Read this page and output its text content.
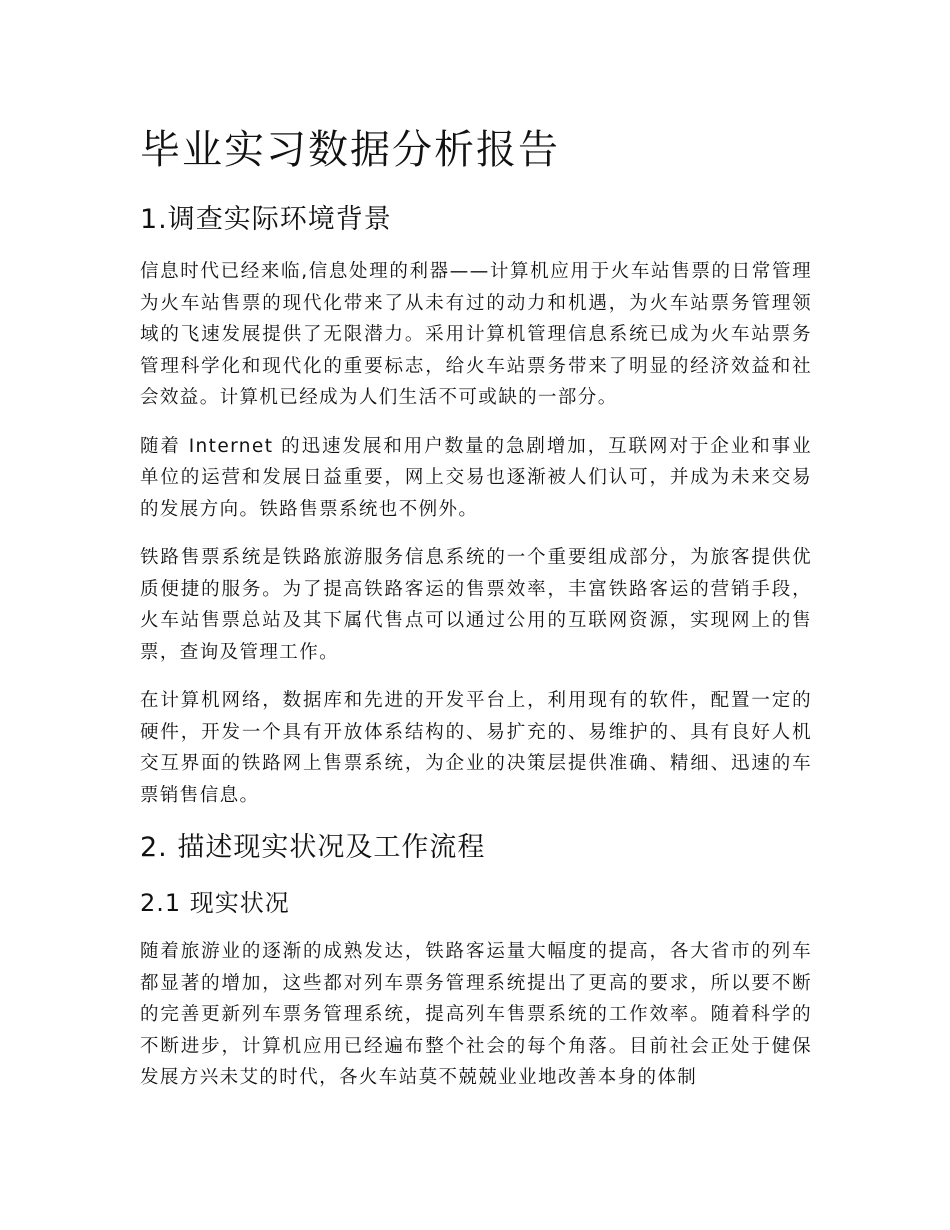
毕业实习数据分析报告
1.调查实际环境背景

信息时代已经来临,信息处理的利器——计算机应用于火车站售票的日常管理为火车站售票的现代化带来了从未有过的动力和机遇，为火车站票务管理领域的飞速发展提供了无限潜力。采用计算机管理信息系统已成为火车站票务管理科学化和现代化的重要标志，给火车站票务带来了明显的经济效益和社会效益。计算机已经成为人们生活不可或缺的一部分。

随着 Internet 的迅速发展和用户数量的急剧增加，互联网对于企业和事业单位的运营和发展日益重要，网上交易也逐渐被人们认可，并成为未来交易的发展方向。铁路售票系统也不例外。

铁路售票系统是铁路旅游服务信息系统的一个重要组成部分，为旅客提供优质便捷的服务。为了提高铁路客运的售票效率，丰富铁路客运的营销手段，火车站售票总站及其下属代售点可以通过公用的互联网资源，实现网上的售票，查询及管理工作。

在计算机网络，数据库和先进的开发平台上，利用现有的软件，配置一定的硬件，开发一个具有开放体系结构的、易扩充的、易维护的、具有良好人机交互界面的铁路网上售票系统，为企业的决策层提供准确、精细、迅速的车票销售信息。

2. 描述现实状况及工作流程
2.1 现实状况

随着旅游业的逐渐的成熟发达，铁路客运量大幅度的提高，各大省市的列车都显著的增加，这些都对列车票务管理系统提出了更高的要求，所以要不断的完善更新列车票务管理系统，提高列车售票系统的工作效率。随着科学的不断进步，计算机应用已经遍布整个社会的每个角落。目前社会正处于健保发展方兴未艾的时代，各火车站莫不兢兢业业地改善本身的体制
